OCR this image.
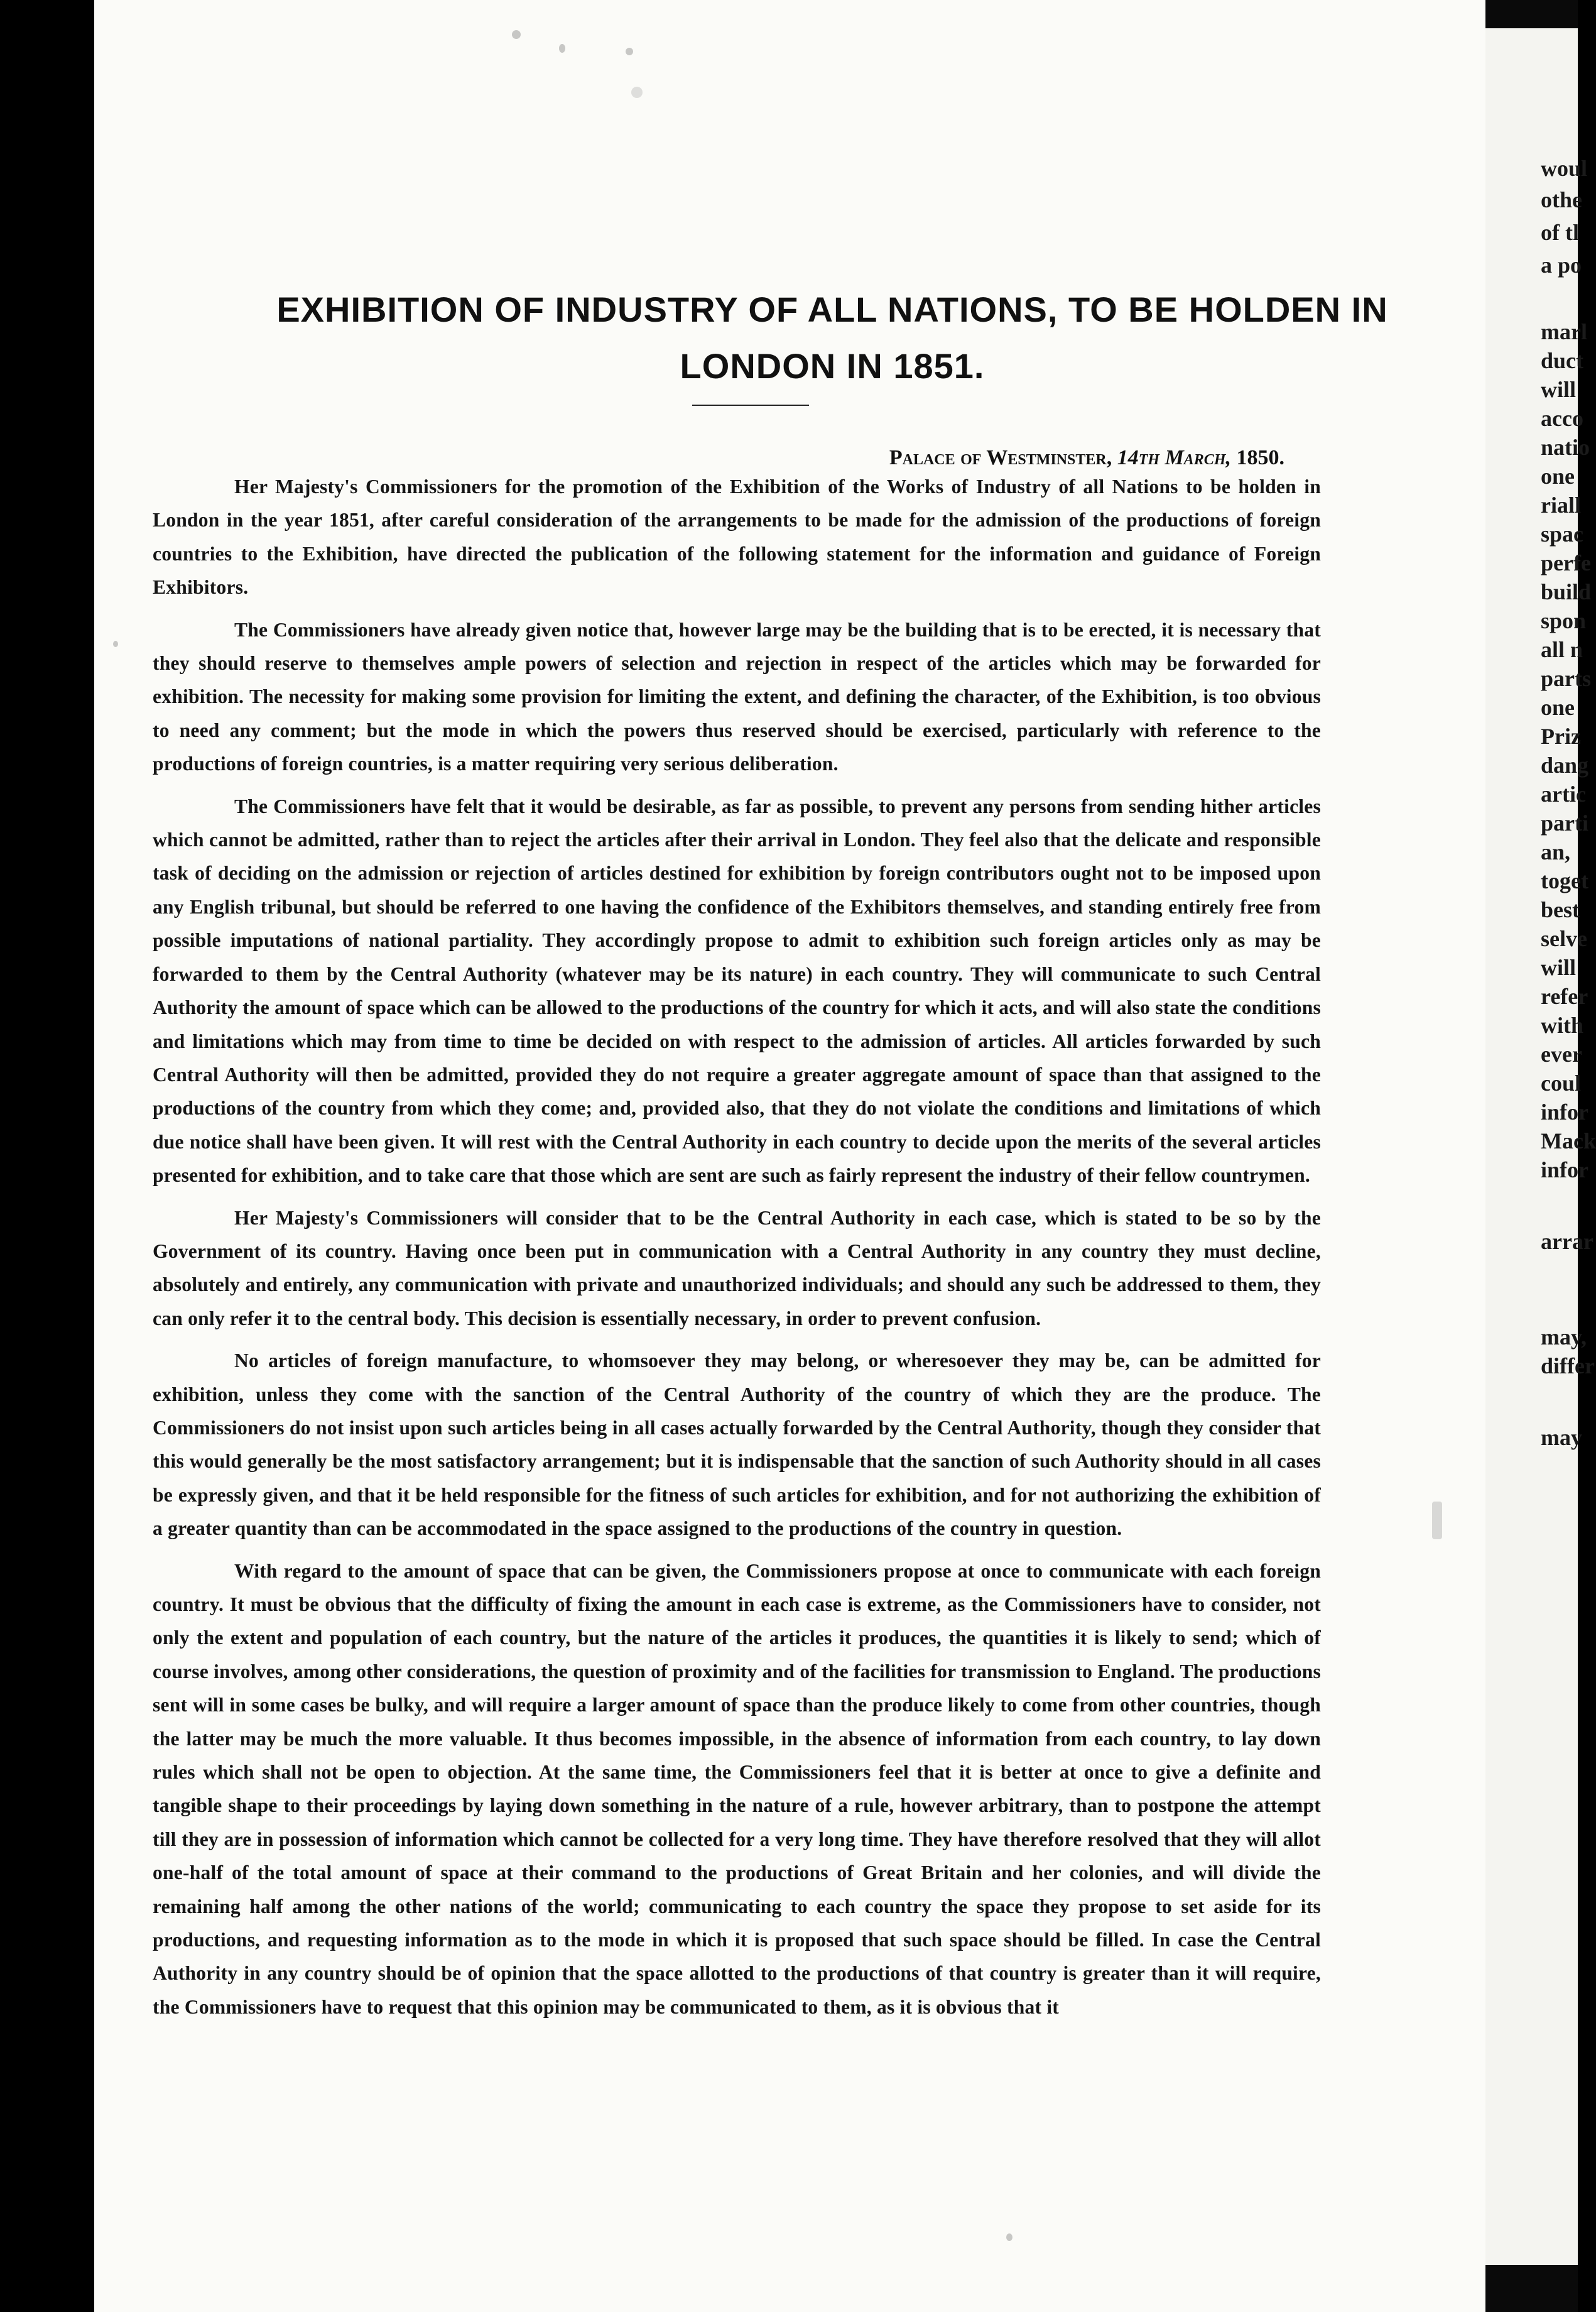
EXHIBITION OF INDUSTRY OF ALL NATIONS, TO BE HOLDEN IN
LONDON IN 1851.
Palace of Westminster, 14th March, 1850.

Her Majesty's Commissioners for the promotion of the Exhibition of the Works of Industry of all Nations to be holden in London in the year 1851, after careful consideration of the arrangements to be made for the admission of the productions of foreign countries to the Exhibition, have directed the publication of the following statement for the information and guidance of Foreign Exhibitors.

The Commissioners have already given notice that, however large may be the building that is to be erected, it is necessary that they should reserve to themselves ample powers of selection and rejection in respect of the articles which may be forwarded for exhibition. The necessity for making some provision for limiting the extent, and defining the character, of the Exhibition, is too obvious to need any comment; but the mode in which the powers thus reserved should be exercised, particularly with reference to the productions of foreign countries, is a matter requiring very serious deliberation.

The Commissioners have felt that it would be desirable, as far as possible, to prevent any persons from sending hither articles which cannot be admitted, rather than to reject the articles after their arrival in London. They feel also that the delicate and responsible task of deciding on the admission or rejection of articles destined for exhibition by foreign contributors ought not to be imposed upon any English tribunal, but should be referred to one having the confidence of the Exhibitors themselves, and standing entirely free from possible imputations of national partiality. They accordingly propose to admit to exhibition such foreign articles only as may be forwarded to them by the Central Authority (whatever may be its nature) in each country. They will communicate to such Central Authority the amount of space which can be allowed to the productions of the country for which it acts, and will also state the conditions and limitations which may from time to time be decided on with respect to the admission of articles. All articles forwarded by such Central Authority will then be admitted, provided they do not require a greater aggregate amount of space than that assigned to the productions of the country from which they come; and, provided also, that they do not violate the conditions and limitations of which due notice shall have been given. It will rest with the Central Authority in each country to decide upon the merits of the several articles presented for exhibition, and to take care that those which are sent are such as fairly represent the industry of their fellow countrymen.

Her Majesty's Commissioners will consider that to be the Central Authority in each case, which is stated to be so by the Government of its country. Having once been put in communication with a Central Authority in any country they must decline, absolutely and entirely, any communication with private and unauthorized individuals; and should any such be addressed to them, they can only refer it to the central body. This decision is essentially necessary, in order to prevent confusion.

No articles of foreign manufacture, to whomsoever they may belong, or wheresoever they may be, can be admitted for exhibition, unless they come with the sanction of the Central Authority of the country of which they are the produce. The Commissioners do not insist upon such articles being in all cases actually forwarded by the Central Authority, though they consider that this would generally be the most satisfactory arrangement; but it is indispensable that the sanction of such Authority should in all cases be expressly given, and that it be held responsible for the fitness of such articles for exhibition, and for not authorizing the exhibition of a greater quantity than can be accommodated in the space assigned to the productions of the country in question.

With regard to the amount of space that can be given, the Commissioners propose at once to communicate with each foreign country. It must be obvious that the difficulty of fixing the amount in each case is extreme, as the Commissioners have to consider, not only the extent and population of each country, but the nature of the articles it produces, the quantities it is likely to send; which of course involves, among other considerations, the question of proximity and of the facilities for transmission to England. The productions sent will in some cases be bulky, and will require a larger amount of space than the produce likely to come from other countries, though the latter may be much the more valuable. It thus becomes impossible, in the absence of information from each country, to lay down rules which shall not be open to objection. At the same time, the Commissioners feel that it is better at once to give a definite and tangible shape to their proceedings by laying down something in the nature of a rule, however arbitrary, than to postpone the attempt till they are in possession of information which cannot be collected for a very long time. They have therefore resolved that they will allot one-half of the total amount of space at their command to the productions of Great Britain and her colonies, and will divide the remaining half among the other nations of the world; communicating to each country the space they propose to set aside for its productions, and requesting information as to the mode in which it is proposed that such space should be filled. In case the Central Authority in any country should be of opinion that the space allotted to the productions of that country is greater than it will require, the Commissioners have to request that this opinion may be communicated to them, as it is obvious that it

woul
othe
of tl
a po
marl
duct
will
acco
natio
one
riall
spac
perfe
build
spon
all n
parts
one
Priz
dang
artic
parti
an,
toget
best
selve
will
refer
with
ever
coul
infor
Mack
infor
arrar
may,
differ
may
